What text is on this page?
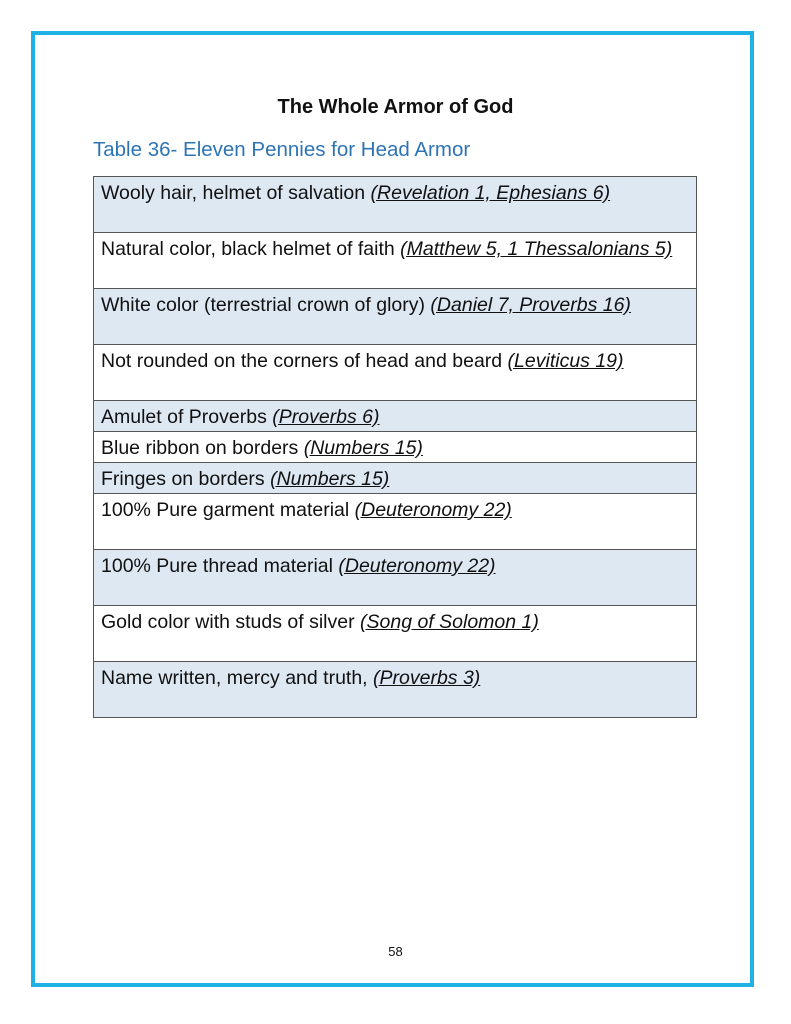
The Whole Armor of God
Table 36- Eleven Pennies for Head Armor
Wooly hair, helmet of salvation (Revelation 1, Ephesians 6)
Natural color, black helmet of faith (Matthew 5, 1 Thessalonians 5)
White color (terrestrial crown of glory) (Daniel 7, Proverbs 16)
Not rounded on the corners of head and beard (Leviticus 19)
Amulet of Proverbs (Proverbs 6)
Blue ribbon on borders (Numbers 15)
Fringes on borders (Numbers 15)
100% Pure garment material (Deuteronomy 22)
100% Pure thread material (Deuteronomy 22)
Gold color with studs of silver (Song of Solomon 1)
Name written, mercy and truth, (Proverbs 3)
58
